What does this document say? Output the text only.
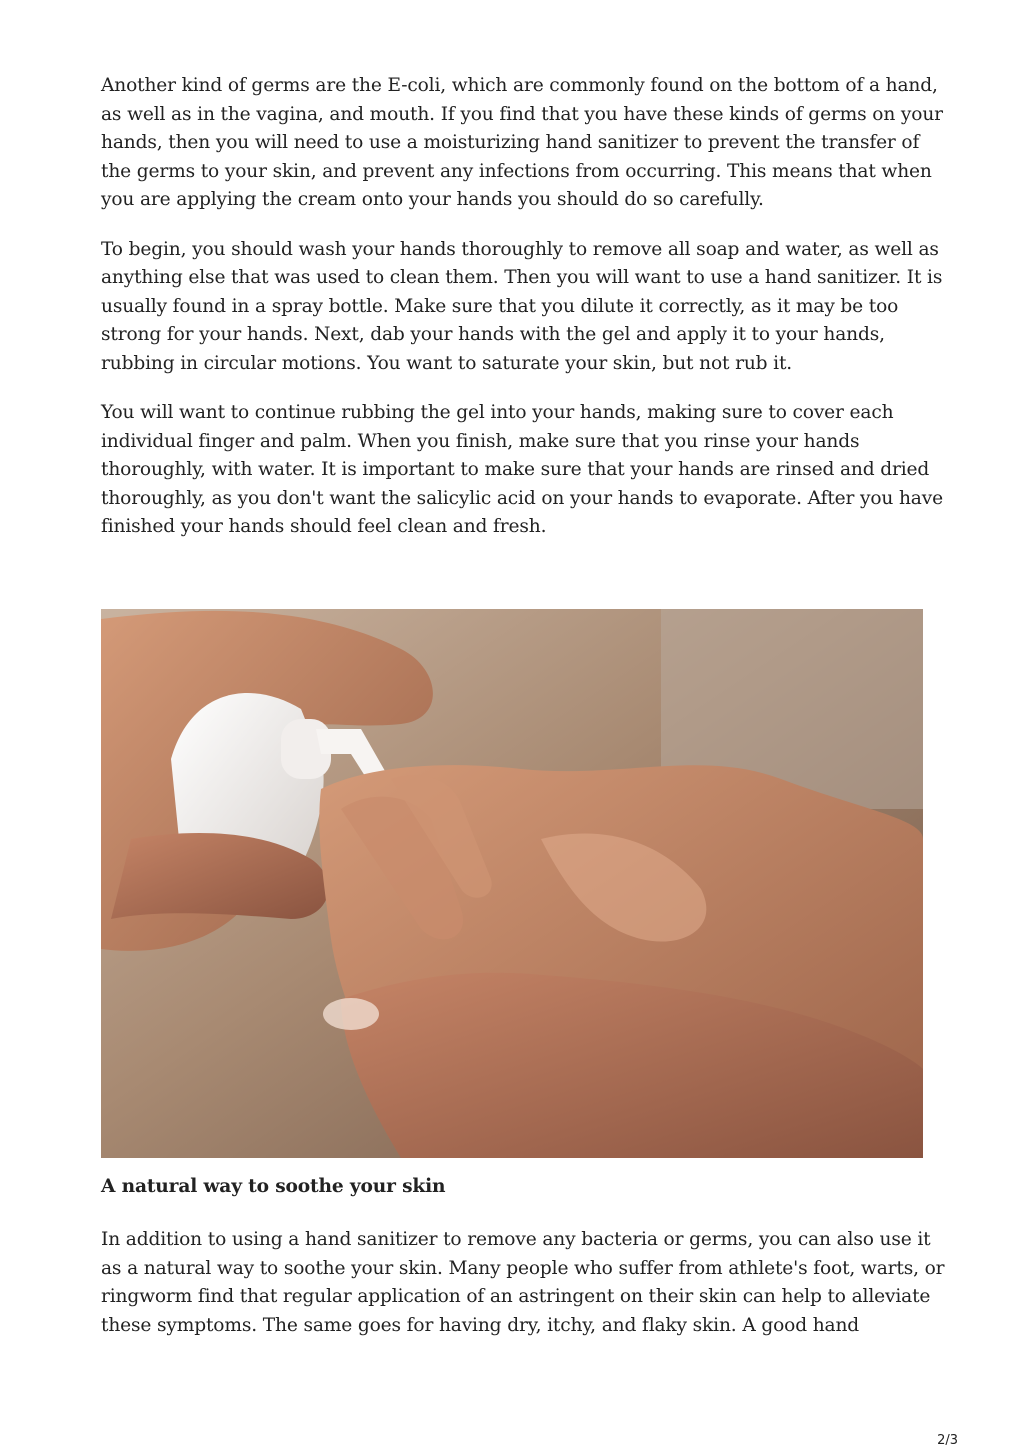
Another kind of germs are the E-coli, which are commonly found on the bottom of a hand,
as well as in the vagina, and mouth. If you find that you have these kinds of germs on your
hands, then you will need to use a moisturizing hand sanitizer to prevent the transfer of
the germs to your skin, and prevent any infections from occurring. This means that when
you are applying the cream onto your hands you should do so carefully.

To begin, you should wash your hands thoroughly to remove all soap and water, as well as
anything else that was used to clean them. Then you will want to use a hand sanitizer. It is
usually found in a spray bottle. Make sure that you dilute it correctly, as it may be too
strong for your hands. Next, dab your hands with the gel and apply it to your hands,
rubbing in circular motions. You want to saturate your skin, but not rub it.

You will want to continue rubbing the gel into your hands, making sure to cover each
individual finger and palm. When you finish, make sure that you rinse your hands
thoroughly, with water. It is important to make sure that your hands are rinsed and dried
thoroughly, as you don't want the salicylic acid on your hands to evaporate. After you have
finished your hands should feel clean and fresh.

A natural way to soothe your skin

In addition to using a hand sanitizer to remove any bacteria or germs, you can also use it
as a natural way to soothe your skin. Many people who suffer from athlete's foot, warts, or
ringworm find that regular application of an astringent on their skin can help to alleviate
these symptoms. The same goes for having dry, itchy, and flaky skin. A good hand

2/3
